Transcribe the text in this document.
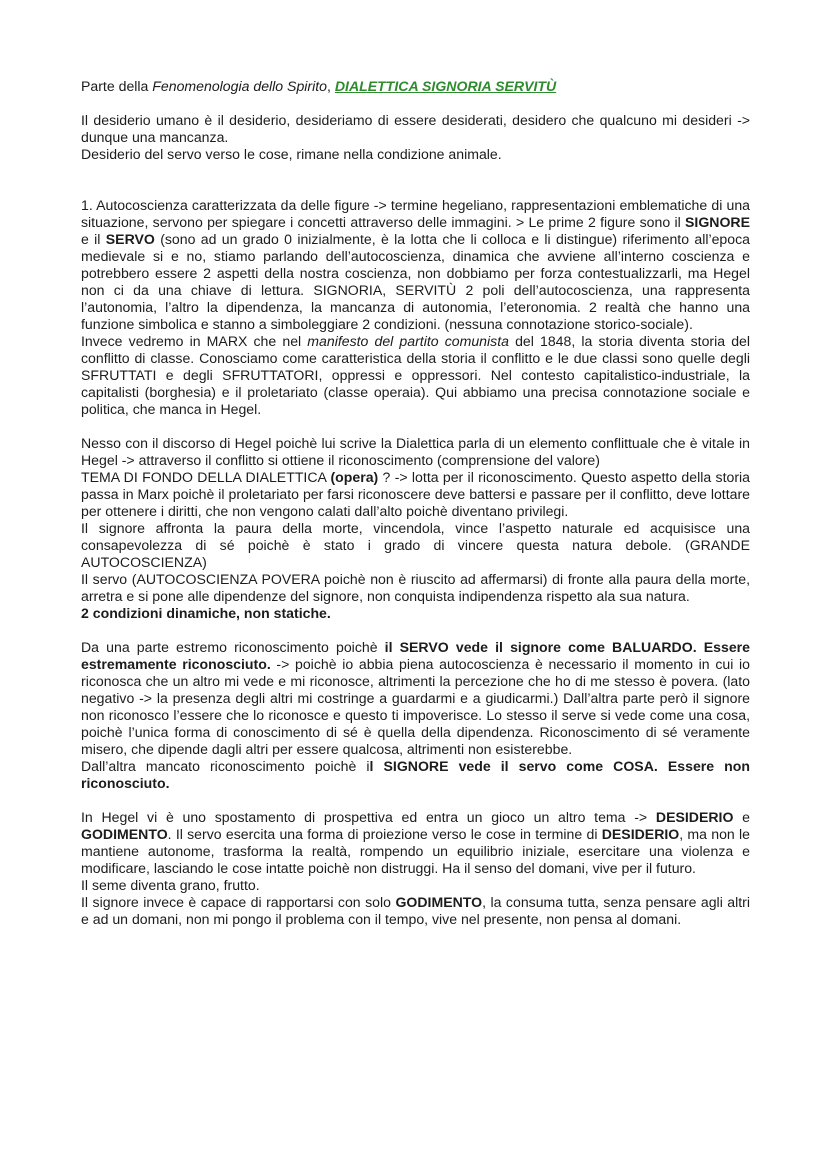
Parte della Fenomenologia dello Spirito, DIALETTICA SIGNORIA SERVITÙ

Il desiderio umano è il desiderio, desideriamo di essere desiderati, desidero che qualcuno mi desideri -> dunque una mancanza.

Desiderio del servo verso le cose, rimane nella condizione animale.

1. Autocoscienza caratterizzata da delle figure -> termine hegeliano, rappresentazioni emblematiche di una situazione, servono per spiegare i concetti attraverso delle immagini. > Le prime 2 figure sono il SIGNORE e il SERVO (sono ad un grado 0 inizialmente, è la lotta che li colloca e li distingue) riferimento all’epoca medievale si e no, stiamo parlando dell’autocoscienza, dinamica che avviene all’interno coscienza e potrebbero essere 2 aspetti della nostra coscienza, non dobbiamo per forza contestualizzarli, ma Hegel non ci da una chiave di lettura. SIGNORIA, SERVITÙ 2 poli dell’autocoscienza, una rappresenta l’autonomia, l’altro la dipendenza, la mancanza di autonomia, l’eteronomia. 2 realtà che hanno una funzione simbolica e stanno a simboleggiare 2 condizioni. (nessuna connotazione storico-sociale).

Invece vedremo in MARX che nel manifesto del partito comunista del 1848, la storia diventa storia del conflitto di classe. Conosciamo come caratteristica della storia il conflitto e le due classi sono quelle degli SFRUTTATI e degli SFRUTTATORI, oppressi e oppressori. Nel contesto capitalistico-industriale, la capitalisti (borghesia) e il proletariato (classe operaia). Qui abbiamo una precisa connotazione sociale e politica, che manca in Hegel.

Nesso con il discorso di Hegel poichè lui scrive la Dialettica parla di un elemento conflittuale che è vitale in Hegel -> attraverso il conflitto si ottiene il riconoscimento (comprensione del valore)

TEMA DI FONDO DELLA DIALETTICA (opera) ? -> lotta per il riconoscimento. Questo aspetto della storia passa in Marx poichè il proletariato per farsi riconoscere deve battersi e passare per il conflitto, deve lottare per ottenere i diritti, che non vengono calati dall’alto poichè diventano privilegi.

Il signore affronta la paura della morte, vincendola, vince l’aspetto naturale ed acquisisce una consapevolezza di sé poichè è stato i grado di vincere questa natura debole. (GRANDE AUTOCOSCIENZA)

Il servo (AUTOCOSCIENZA POVERA poichè non è riuscito ad affermarsi) di fronte alla paura della morte, arretra e si pone alle dipendenze del signore, non conquista indipendenza rispetto ala sua natura.

2 condizioni dinamiche, non statiche.

Da una parte estremo riconoscimento poichè il SERVO vede il signore come BALUARDO. Essere estremamente riconosciuto. -> poichè io abbia piena autocoscienza è necessario il momento in cui io riconosca che un altro mi vede e mi riconosce, altrimenti la percezione che ho di me stesso è povera. (lato negativo -> la presenza degli altri mi costringe a guardarmi e a giudicarmi.) Dall’altra parte però il signore non riconosco l’essere che lo riconosce e questo ti impoverisce. Lo stesso il serve si vede come una cosa, poichè l’unica forma di conoscimento di sé è quella della dipendenza. Riconoscimento di sé veramente misero, che dipende dagli altri per essere qualcosa, altrimenti non esisterebbe.

Dall’altra mancato riconoscimento poichè il SIGNORE vede il servo come COSA. Essere non riconosciuto.

In Hegel vi è uno spostamento di prospettiva ed entra un gioco un altro tema -> DESIDERIO e GODIMENTO. Il servo esercita una forma di proiezione verso le cose in termine di DESIDERIO, ma non le mantiene autonome, trasforma la realtà, rompendo un equilibrio iniziale, esercitare una violenza e modificare, lasciando le cose intatte poichè non distruggi. Ha il senso del domani, vive per il futuro.

Il seme diventa grano, frutto.

Il signore invece è capace di rapportarsi con solo GODIMENTO, la consuma tutta, senza pensare agli altri e ad un domani, non mi pongo il problema con il tempo, vive nel presente, non pensa al domani.
